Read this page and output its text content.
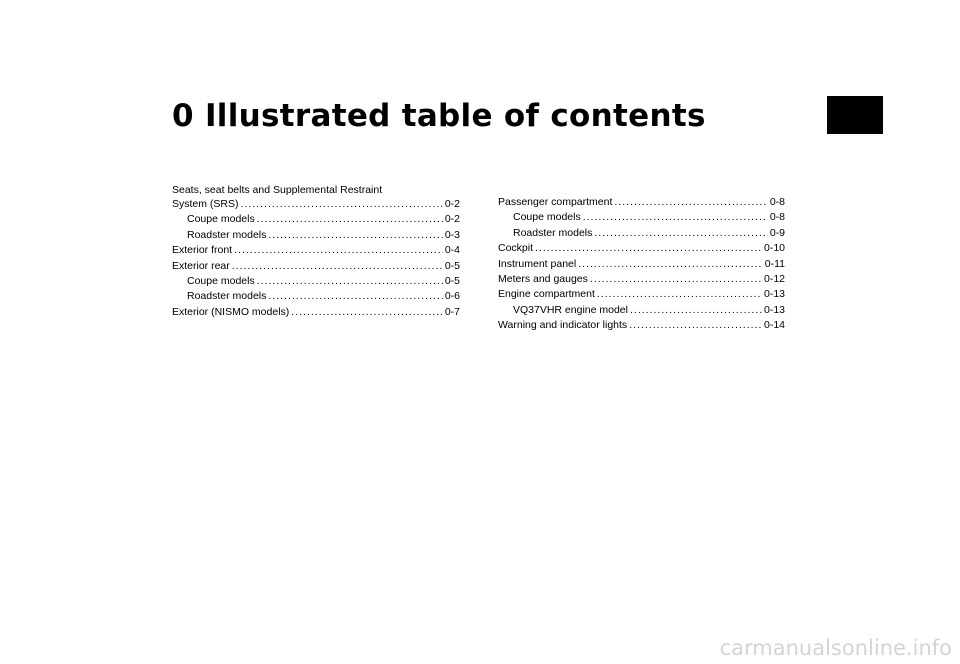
0 Illustrated table of contents
Seats, seat belts and Supplemental Restraint
System (SRS) .....	0-2
Coupe models .....	0-2
Roadster models .....	0-3
Exterior front .....	0-4
Exterior rear .....	0-5
Coupe models .....	0-5
Roadster models .....	0-6
Exterior (NISMO models) .....	0-7
Passenger compartment .....	0-8
Coupe models .....	0-8
Roadster models .....	0-9
Cockpit .....	0-10
Instrument panel .....	0-11
Meters and gauges .....	0-12
Engine compartment .....	0-13
VQ37VHR engine model .....	0-13
Warning and indicator lights .....	0-14
carmanualsonline.info
